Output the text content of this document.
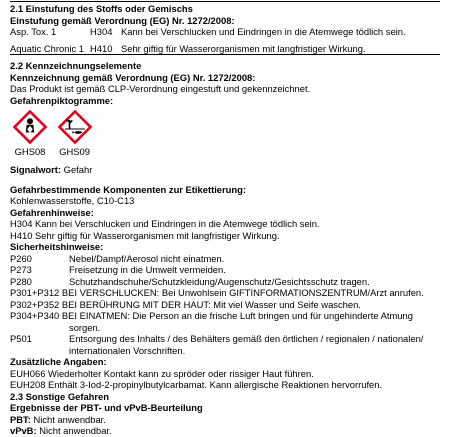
2.1 Einstufung des Stoffs oder Gemischs
Einstufung gemäß Verordnung (EG) Nr. 1272/2008:
Asp. Tox. 1	H304 Kann bei Verschlucken und Eindringen in die Atemwege tödlich sein.
Aquatic Chronic 1 H410 Sehr giftig für Wasserorganismen mit langfristiger Wirkung.
2.2 Kennzeichnungselemente
Kennzeichnung gemäß Verordnung (EG) Nr. 1272/2008:
Das Produkt ist gemäß CLP-Verordnung eingestuft und gekennzeichnet.
Gefahrenpiktogramme:
GHS08
GHS09
Signalwort: Gefahr
Gefahrbestimmende Komponenten zur Etikettierung:
Kohlenwasserstoffe, C10-C13
Gefahrenhinweise:
H304 Kann bei Verschlucken und Eindringen in die Atemwege tödlich sein.
H410 Sehr giftig für Wasserorganismen mit langfristiger Wirkung.
Sicherheitshinweise:
P260	Nebel/Dampf/Aerosol nicht einatmen.
P273	Freisetzung in die Umwelt vermeiden.
P280	Schutzhandschuhe/Schutzkleidung/Augenschutz/Gesichtsschutz tragen.
P301+P312 BEI VERSCHLUCKEN: Bei Unwohlsein GIFTINFORMATIONSZENTRUM/Arzt anrufen.
P302+P352 BEI BERÜHRUNG MIT DER HAUT: Mit viel Wasser und Seife waschen.
P304+P340 BEI EINATMEN: Die Person an die frische Luft bringen und für ungehinderte Atmung
sorgen.
P501	Entsorgung des Inhalts / des Behälters gemäß den örtlichen / regionalen / nationalen/
internationalen Vorschriften.
Zusätzliche Angaben:
EUH066 Wiederholter Kontakt kann zu spröder oder rissiger Haut führen.
EUH208 Enthält 3-Iod-2-propinylbutylcarbamat. Kann allergische Reaktionen hervorrufen.
2.3 Sonstige Gefahren
Ergebnisse der PBT- und vPvB-Beurteilung
PBT: Nicht anwendbar.
vPvB: Nicht anwendbar.
